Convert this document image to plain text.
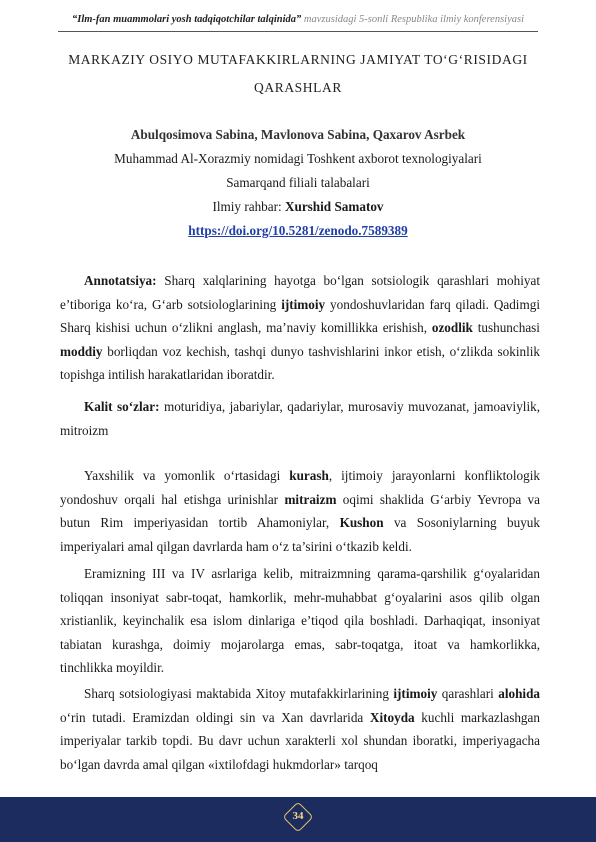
“Ilm-fan muammolari yosh tadqiqotchilar talqinida” mavzusidagi 5-sonli Respublika ilmiy konferensiyasi
MARKAZIY OSIYO MUTAFAKKIRLARNING JAMIYAT TO‘G‘RISIDAGI
QARASHLAR
Abulqosimova Sabina, Mavlonova Sabina, Qaxarov Asrbek
Muhammad Al-Xorazmiy nomidagi Toshkent axborot texnologiyalari
Samarqand filiali talabalari
Ilmiy rahbar: Xurshid Samatov
https://doi.org/10.5281/zenodo.7589389

Annotatsiya: Sharq xalqlarining hayotga bo‘lgan sotsiologik qarashlari mohiyat e’tiboriga ko‘ra, G‘arb sotsiologlarining ijtimoiy yondoshuvlaridan farq qiladi. Qadimgi Sharq kishisi uchun o‘zlikni anglash, ma’naviy komillikka erishish, ozodlik tushunchasi moddiy borliqdan voz kechish, tashqi dunyo tashvishlarini inkor etish, o‘zlikda sokinlik topishga intilish harakatlaridan iboratdir.

Kalit so‘zlar: moturidiya, jabariylar, qadariylar, murosaviy muvozanat, jamoaviylik, mitroizm

Yaxshilik va yomonlik o‘rtasidagi kurash, ijtimoiy jarayonlarni konfliktologik yondoshuv orqali hal etishga urinishlar mitraizm oqimi shaklida G‘arbiy Yevropa va butun Rim imperiyasidan tortib Ahamoniylar, Kushon va Sosoniylarning buyuk imperiyalari amal qilgan davrlarda ham o‘z ta’sirini o‘tkazib keldi.

Eramizning III va IV asrlariga kelib, mitraizmning qarama-qarshilik g‘oyalaridan toliqqan insoniyat sabr-toqat, hamkorlik, mehr-muhabbat g‘oyalarini asos qilib olgan xristianlik, keyinchalik esa islom dinlariga e’tiqod qila boshladi. Darhaqiqat, insoniyat tabiatan kurashga, doimiy mojarolarga emas, sabr-toqatga, itoat va hamkorlikka, tinchlikka moyildir.

Sharq sotsiologiyasi maktabida Xitoy mutafakkirlarining ijtimoiy qarashlari alohida o‘rin tutadi. Eramizdan oldingi sin va Xan davrlarida Xitoyda kuchli markazlashgan imperiyalar tarkib topdi. Bu davr uchun xarakterli xol shundan iboratki, imperiyagacha bo‘lgan davrda amal qilgan «ixtilofdagi hukmdorlar» tarqoq

34
